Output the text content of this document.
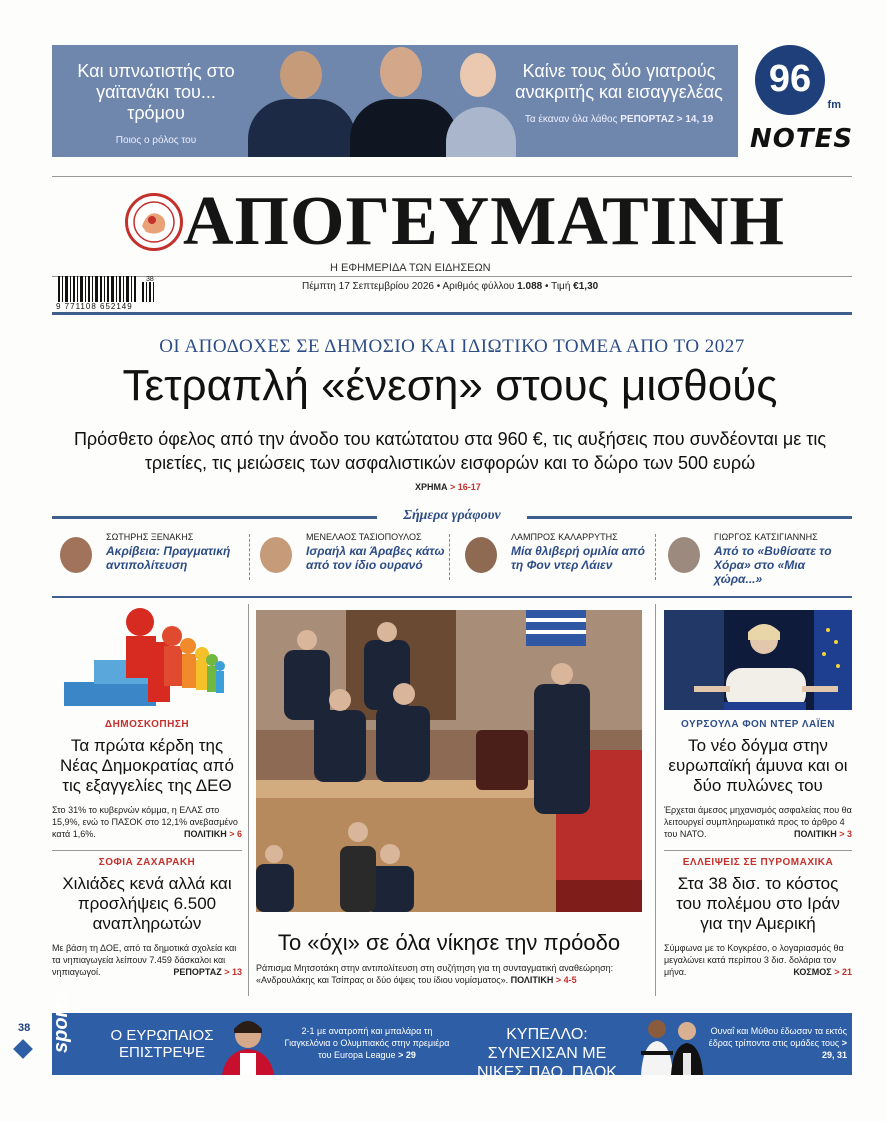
Και υπνωτιστής στο γαϊτανάκι του... τρόμου
Ποιος ο ρόλος του
Καίνε τους δύο γιατρούς ανακριτής και εισαγγελέας
Τα έκαναν όλα λάθος ΡΕΠΟΡΤΑΖ > 14, 19
96
fm
NOTES
ΑΠΟΓΕΥΜΑΤΙΝΗ
Η ΕΦΗΜΕΡΙΔΑ ΤΩΝ ΕΙΔΗΣΕΩΝ
9 771108 652149
38
Πέμπτη 17 Σεπτεμβρίου 2026 • Αριθμός φύλλου 1.088 • Τιμή €1,30
ΟΙ ΑΠΟΔΟΧΕΣ ΣΕ ΔΗΜΟΣΙΟ ΚΑΙ ΙΔΙΩΤΙΚΟ ΤΟΜΕΑ ΑΠΟ ΤΟ 2027
Τετραπλή «ένεση» στους μισθούς
Πρόσθετο όφελος από την άνοδο του κατώτατου στα 960 €, τις αυξήσεις που συνδέονται με τις τριετίες, τις μειώσεις των ασφαλιστικών εισφορών και το δώρο των 500 ευρώ
ΧΡΗΜΑ > 16-17
Σήμερα γράφουν
ΣΩΤΗΡΗΣ ΞΕΝΑΚΗΣ
Ακρίβεια: Πραγματική αντιπολίτευση
ΜΕΝΕΛΑΟΣ ΤΑΣΙΟΠΟΥΛΟΣ
Ισραήλ και Άραβες κάτω από τον ίδιο ουρανό
ΛΑΜΠΡΟΣ ΚΑΛΑΡΡΥΤΗΣ
Μία θλιβερή ομιλία από τη Φον ντερ Λάιεν
ΓΙΩΡΓΟΣ ΚΑΤΣΙΓΙΑΝΝΗΣ
Από το «Βυθίσατε το Χόρα» στο «Μια χώρα...»
ΔΗΜΟΣΚΟΠΗΣΗ
Τα πρώτα κέρδη της Νέας Δημοκρατίας από τις εξαγγελίες της ΔΕΘ
Στο 31% το κυβερνών κόμμα, η ΕΛΑΣ στο 15,9%, ενώ το ΠΑΣΟΚ στο 12,1% ανεβασμένο κατά 1,6%.	ΠΟΛΙΤΙΚΗ > 6
ΣΟΦΙΑ ΖΑΧΑΡΑΚΗ
Χιλιάδες κενά αλλά και προσλήψεις 6.500 αναπληρωτών
Με βάση τη ΔΟΕ, από τα δημοτικά σχολεία και τα νηπιαγωγεία λείπουν 7.459 δάσκαλοι και νηπιαγωγοί.	ΡΕΠΟΡΤΑΖ > 13
Το «όχι» σε όλα νίκησε την πρόοδο
Ράπισμα Μητσοτάκη στην αντιπολίτευση στη συζήτηση για τη συνταγματική αναθεώρηση: «Ανδρουλάκης και Τσίπρας οι δύο όψεις του ίδιου νομίσματος». ΠΟΛΙΤΙΚΗ > 4-5
ΟΥΡΣΟΥΛΑ ΦΟΝ ΝΤΕΡ ΛΑΪΕΝ
Το νέο δόγμα στην ευρωπαϊκή άμυνα και οι δύο πυλώνες του
Έρχεται άμεσος μηχανισμός ασφαλείας που θα λειτουργεί συμπληρωματικά προς το άρθρο 4 του ΝΑΤΟ.	ΠΟΛΙΤΙΚΗ > 3
ΕΛΛΕΙΨΕΙΣ ΣΕ ΠΥΡΟΜΑΧΙΚΑ
Στα 38 δισ. το κόστος του πολέμου στο Ιράν για την Αμερική
Σύμφωνα με το Κογκρέσο, ο λογαριασμός θα μεγαλώνει κατά περίπου 3 δισ. δολάρια τον μήνα.	ΚΟΣΜΟΣ > 21
38 sports	Ο ΕΥΡΩΠΑΙΟΣ ΕΠΙΣΤΡΕΨΕ
2-1 με ανατροπή και μπαλάρα τη Γιαγκελόνια ο Ολυμπιακός στην πρεμιέρα του Europa League > 29
ΚΥΠΕΛΛΟ: ΣΥΝΕΧΙΣΑΝ ΜΕ ΝΙΚΕΣ ΠΑΟ, ΠΑΟΚ
Ουναΐ και Μύθου έδωσαν τα εκτός έδρας τρίποντα στις ομάδες τους > 29, 31
